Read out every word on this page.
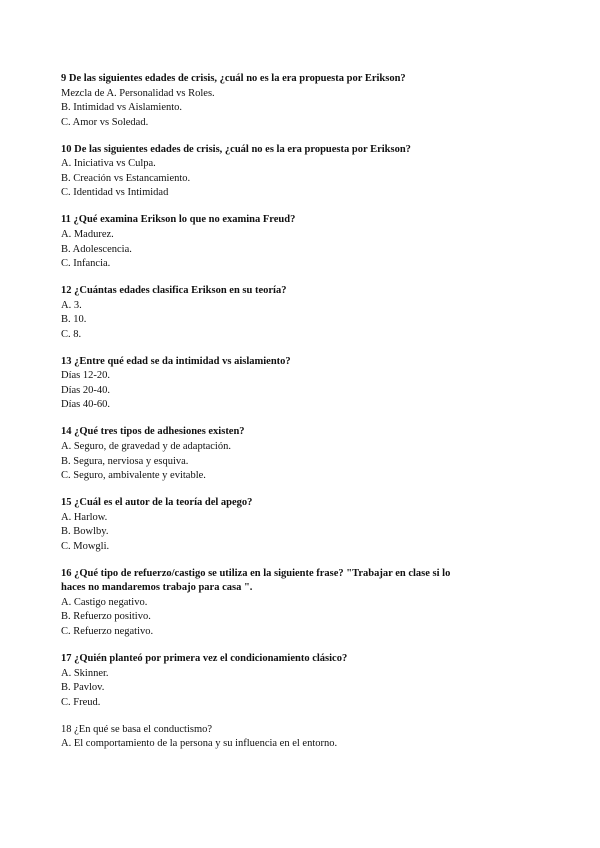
9 De las siguientes edades de crisis, ¿cuál no es la era propuesta por Erikson?
Mezcla de A. Personalidad vs Roles.
B. Intimidad vs Aislamiento.
C. Amor vs Soledad.
10 De las siguientes edades de crisis, ¿cuál no es la era propuesta por Erikson?
A. Iniciativa vs Culpa.
B. Creación vs Estancamiento.
C. Identidad vs Intimidad
11 ¿Qué examina Erikson lo que no examina Freud?
A. Madurez.
B. Adolescencia.
C. Infancia.
12 ¿Cuántas edades clasifica Erikson en su teoría?
A. 3.
B. 10.
C. 8.
13 ¿Entre qué edad se da intimidad vs aislamiento?
Días 12-20.
Días 20-40.
Días 40-60.
14 ¿Qué tres tipos de adhesiones existen?
A. Seguro, de gravedad y de adaptación.
B. Segura, nerviosa y esquiva.
C. Seguro, ambivalente y evitable.
15 ¿Cuál es el autor de la teoría del apego?
A. Harlow.
B. Bowlby.
C. Mowgli.
16 ¿Qué tipo de refuerzo/castigo se utiliza en la siguiente frase? "Trabajar en clase si lo haces no mandaremos trabajo para casa ".
A. Castigo negativo.
B. Refuerzo positivo.
C. Refuerzo negativo.
17 ¿Quién planteó por primera vez el condicionamiento clásico?
A. Skinner.
B. Pavlov.
C. Freud.
18 ¿En qué se basa el conductismo?
A. El comportamiento de la persona y su influencia en el entorno.
